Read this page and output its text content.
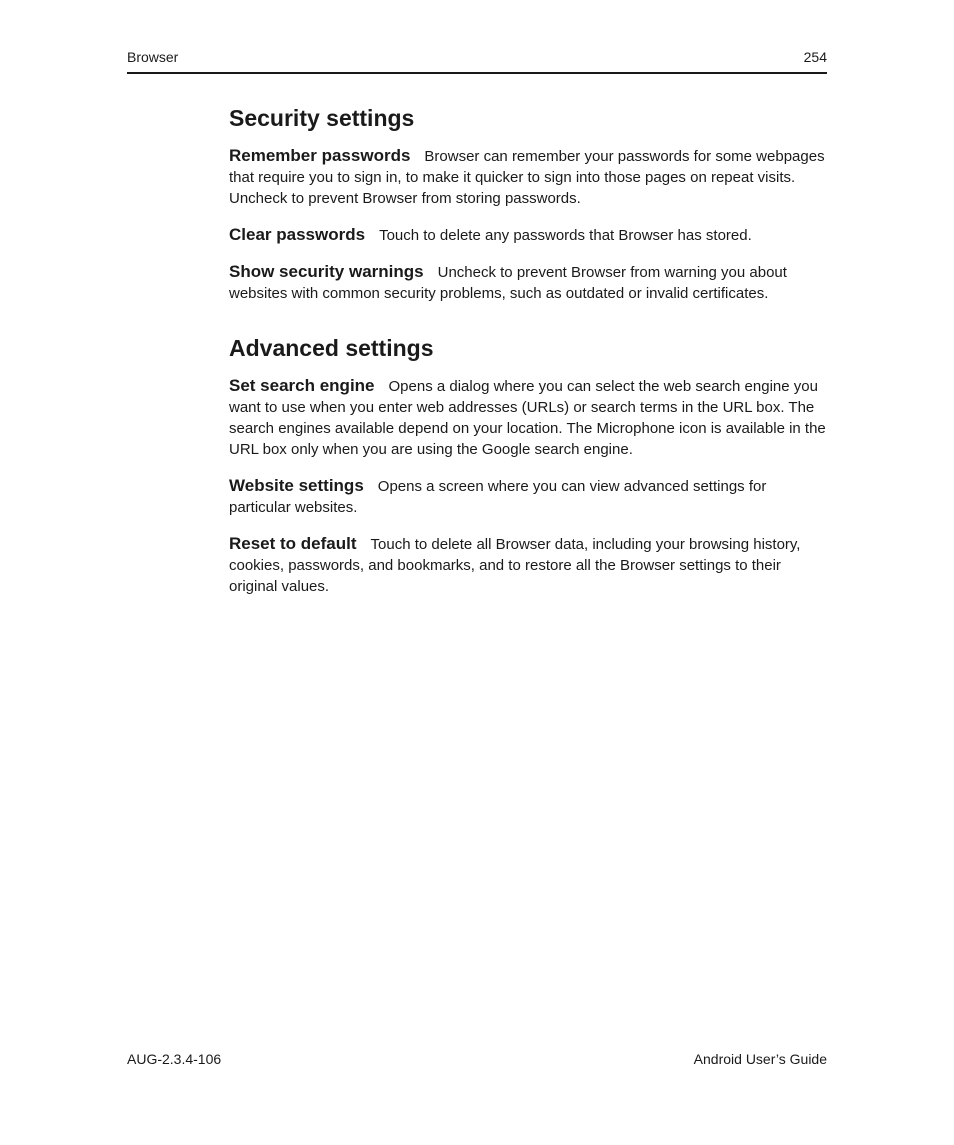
Browser	254
Security settings

Remember passwords Browser can remember your passwords for some webpages that require you to sign in, to make it quicker to sign into those pages on repeat visits. Uncheck to prevent Browser from storing passwords.

Clear passwords Touch to delete any passwords that Browser has stored.

Show security warnings Uncheck to prevent Browser from warning you about websites with common security problems, such as outdated or invalid certificates.

Advanced settings

Set search engine Opens a dialog where you can select the web search engine you want to use when you enter web addresses (URLs) or search terms in the URL box. The search engines available depend on your location. The Microphone icon is available in the URL box only when you are using the Google search engine.

Website settings Opens a screen where you can view advanced settings for particular websites.

Reset to default Touch to delete all Browser data, including your browsing history, cookies, passwords, and bookmarks, and to restore all the Browser settings to their original values.

AUG-2.3.4-106	Android User’s Guide
